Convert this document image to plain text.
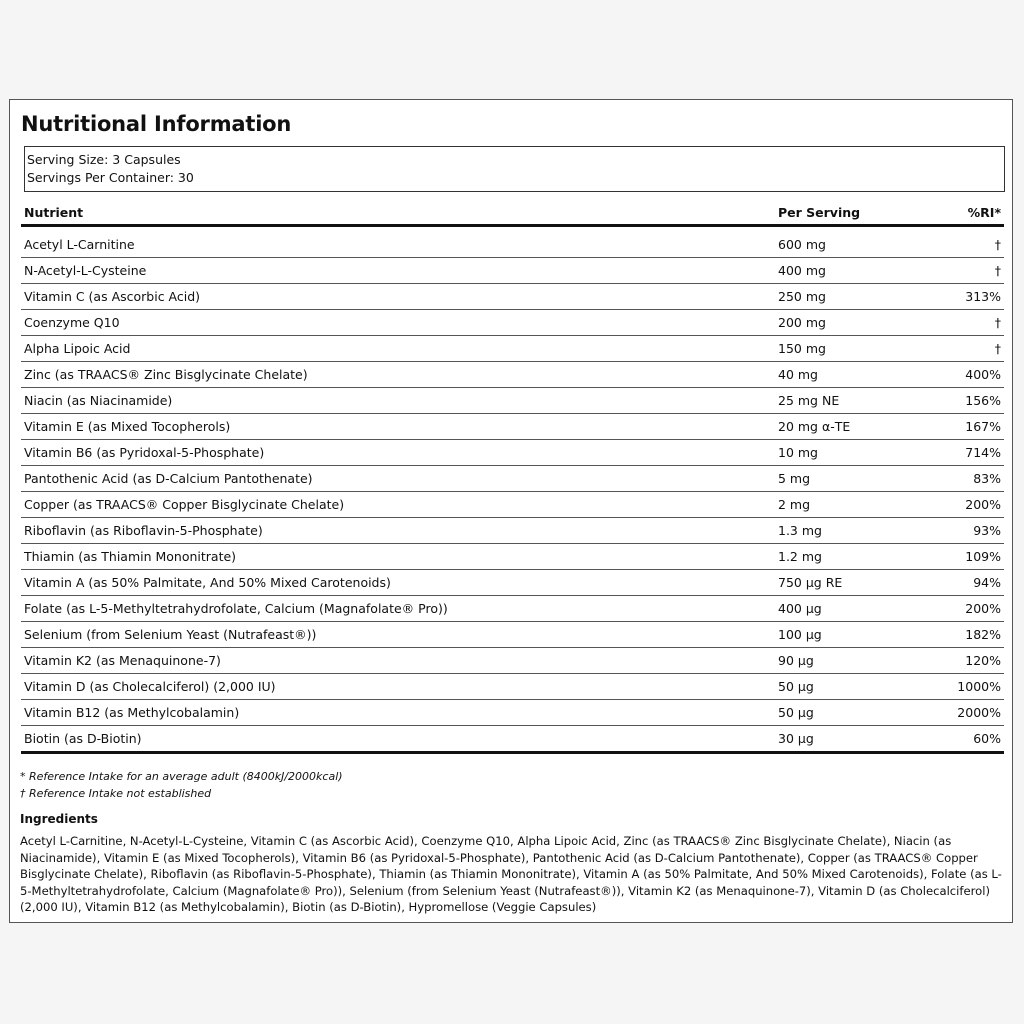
Nutritional Information
Serving Size: 3 Capsules
Servings Per Container: 30
Nutrient	Per Serving	%RI*
Acetyl L-Carnitine	600 mg	†
N-Acetyl-L-Cysteine	400 mg	†
Vitamin C (as Ascorbic Acid)	250 mg	313%
Coenzyme Q10	200 mg	†
Alpha Lipoic Acid	150 mg	†
Zinc (as TRAACS® Zinc Bisglycinate Chelate)	40 mg	400%
Niacin (as Niacinamide)	25 mg NE	156%
Vitamin E (as Mixed Tocopherols)	20 mg α-TE	167%
Vitamin B6 (as Pyridoxal-5-Phosphate)	10 mg	714%
Pantothenic Acid (as D-Calcium Pantothenate)	5 mg	83%
Copper (as TRAACS® Copper Bisglycinate Chelate)	2 mg	200%
Riboflavin (as Riboflavin-5-Phosphate)	1.3 mg	93%
Thiamin (as Thiamin Mononitrate)	1.2 mg	109%
Vitamin A (as 50% Palmitate, And 50% Mixed Carotenoids)	750 μg RE	94%
Folate (as L-5-Methyltetrahydrofolate, Calcium (Magnafolate® Pro))	400 μg	200%
Selenium (from Selenium Yeast (Nutrafeast®))	100 μg	182%
Vitamin K2 (as Menaquinone-7)	90 μg	120%
Vitamin D (as Cholecalciferol) (2,000 IU)	50 μg	1000%
Vitamin B12 (as Methylcobalamin)	50 μg	2000%
Biotin (as D-Biotin)	30 μg	60%
* Reference Intake for an average adult (8400kJ/2000kcal)
† Reference Intake not established
Ingredients

Acetyl L-Carnitine, N-Acetyl-L-Cysteine, Vitamin C (as Ascorbic Acid), Coenzyme Q10, Alpha Lipoic Acid, Zinc (as TRAACS® Zinc Bisglycinate Chelate), Niacin (as Niacinamide), Vitamin E (as Mixed Tocopherols), Vitamin B6 (as Pyridoxal-5-Phosphate), Pantothenic Acid (as D-Calcium Pantothenate), Copper (as TRAACS® Copper Bisglycinate Chelate), Riboflavin (as Riboflavin-5-Phosphate), Thiamin (as Thiamin Mononitrate), Vitamin A (as 50% Palmitate, And 50% Mixed Carotenoids), Folate (as L-5-Methyltetrahydrofolate, Calcium (Magnafolate® Pro)), Selenium (from Selenium Yeast (Nutrafeast®)), Vitamin K2 (as Menaquinone-7), Vitamin D (as Cholecalciferol) (2,000 IU), Vitamin B12 (as Methylcobalamin), Biotin (as D-Biotin), Hypromellose (Veggie Capsules)
